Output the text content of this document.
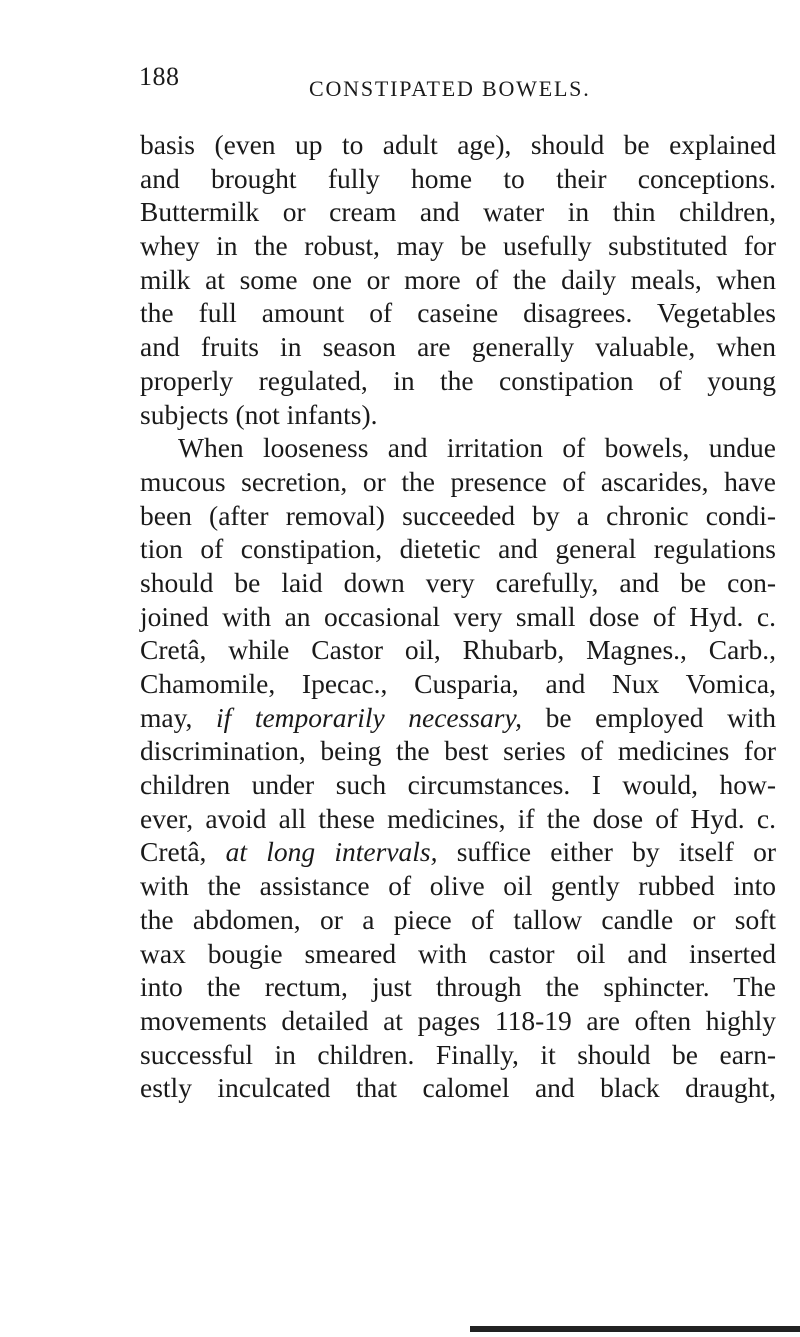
188	CONSTIPATED BOWELS.
basis (even up to adult age), should be explained
and brought fully home to their conceptions.
Buttermilk or cream and water in thin children,
whey in the robust, may be usefully substituted for
milk at some one or more of the daily meals, when
the full amount of caseine disagrees. Vegetables
and fruits in season are generally valuable, when
properly regulated, in the constipation of young
subjects (not infants).
When looseness and irritation of bowels, undue
mucous secretion, or the presence of ascarides, have
been (after removal) succeeded by a chronic condi-
tion of constipation, dietetic and general regulations
should be laid down very carefully, and be con-
joined with an occasional very small dose of Hyd. c.
Cretâ, while Castor oil, Rhubarb, Magnes., Carb.,
Chamomile, Ipecac., Cusparia, and Nux Vomica,
may, if temporarily necessary, be employed with
discrimination, being the best series of medicines for
children under such circumstances. I would, how-
ever, avoid all these medicines, if the dose of Hyd. c.
Cretâ, at long intervals, suffice either by itself or
with the assistance of olive oil gently rubbed into
the abdomen, or a piece of tallow candle or soft
wax bougie smeared with castor oil and inserted
into the rectum, just through the sphincter. The
movements detailed at pages 118-19 are often highly
successful in children. Finally, it should be earn-
estly inculcated that calomel and black draught,
